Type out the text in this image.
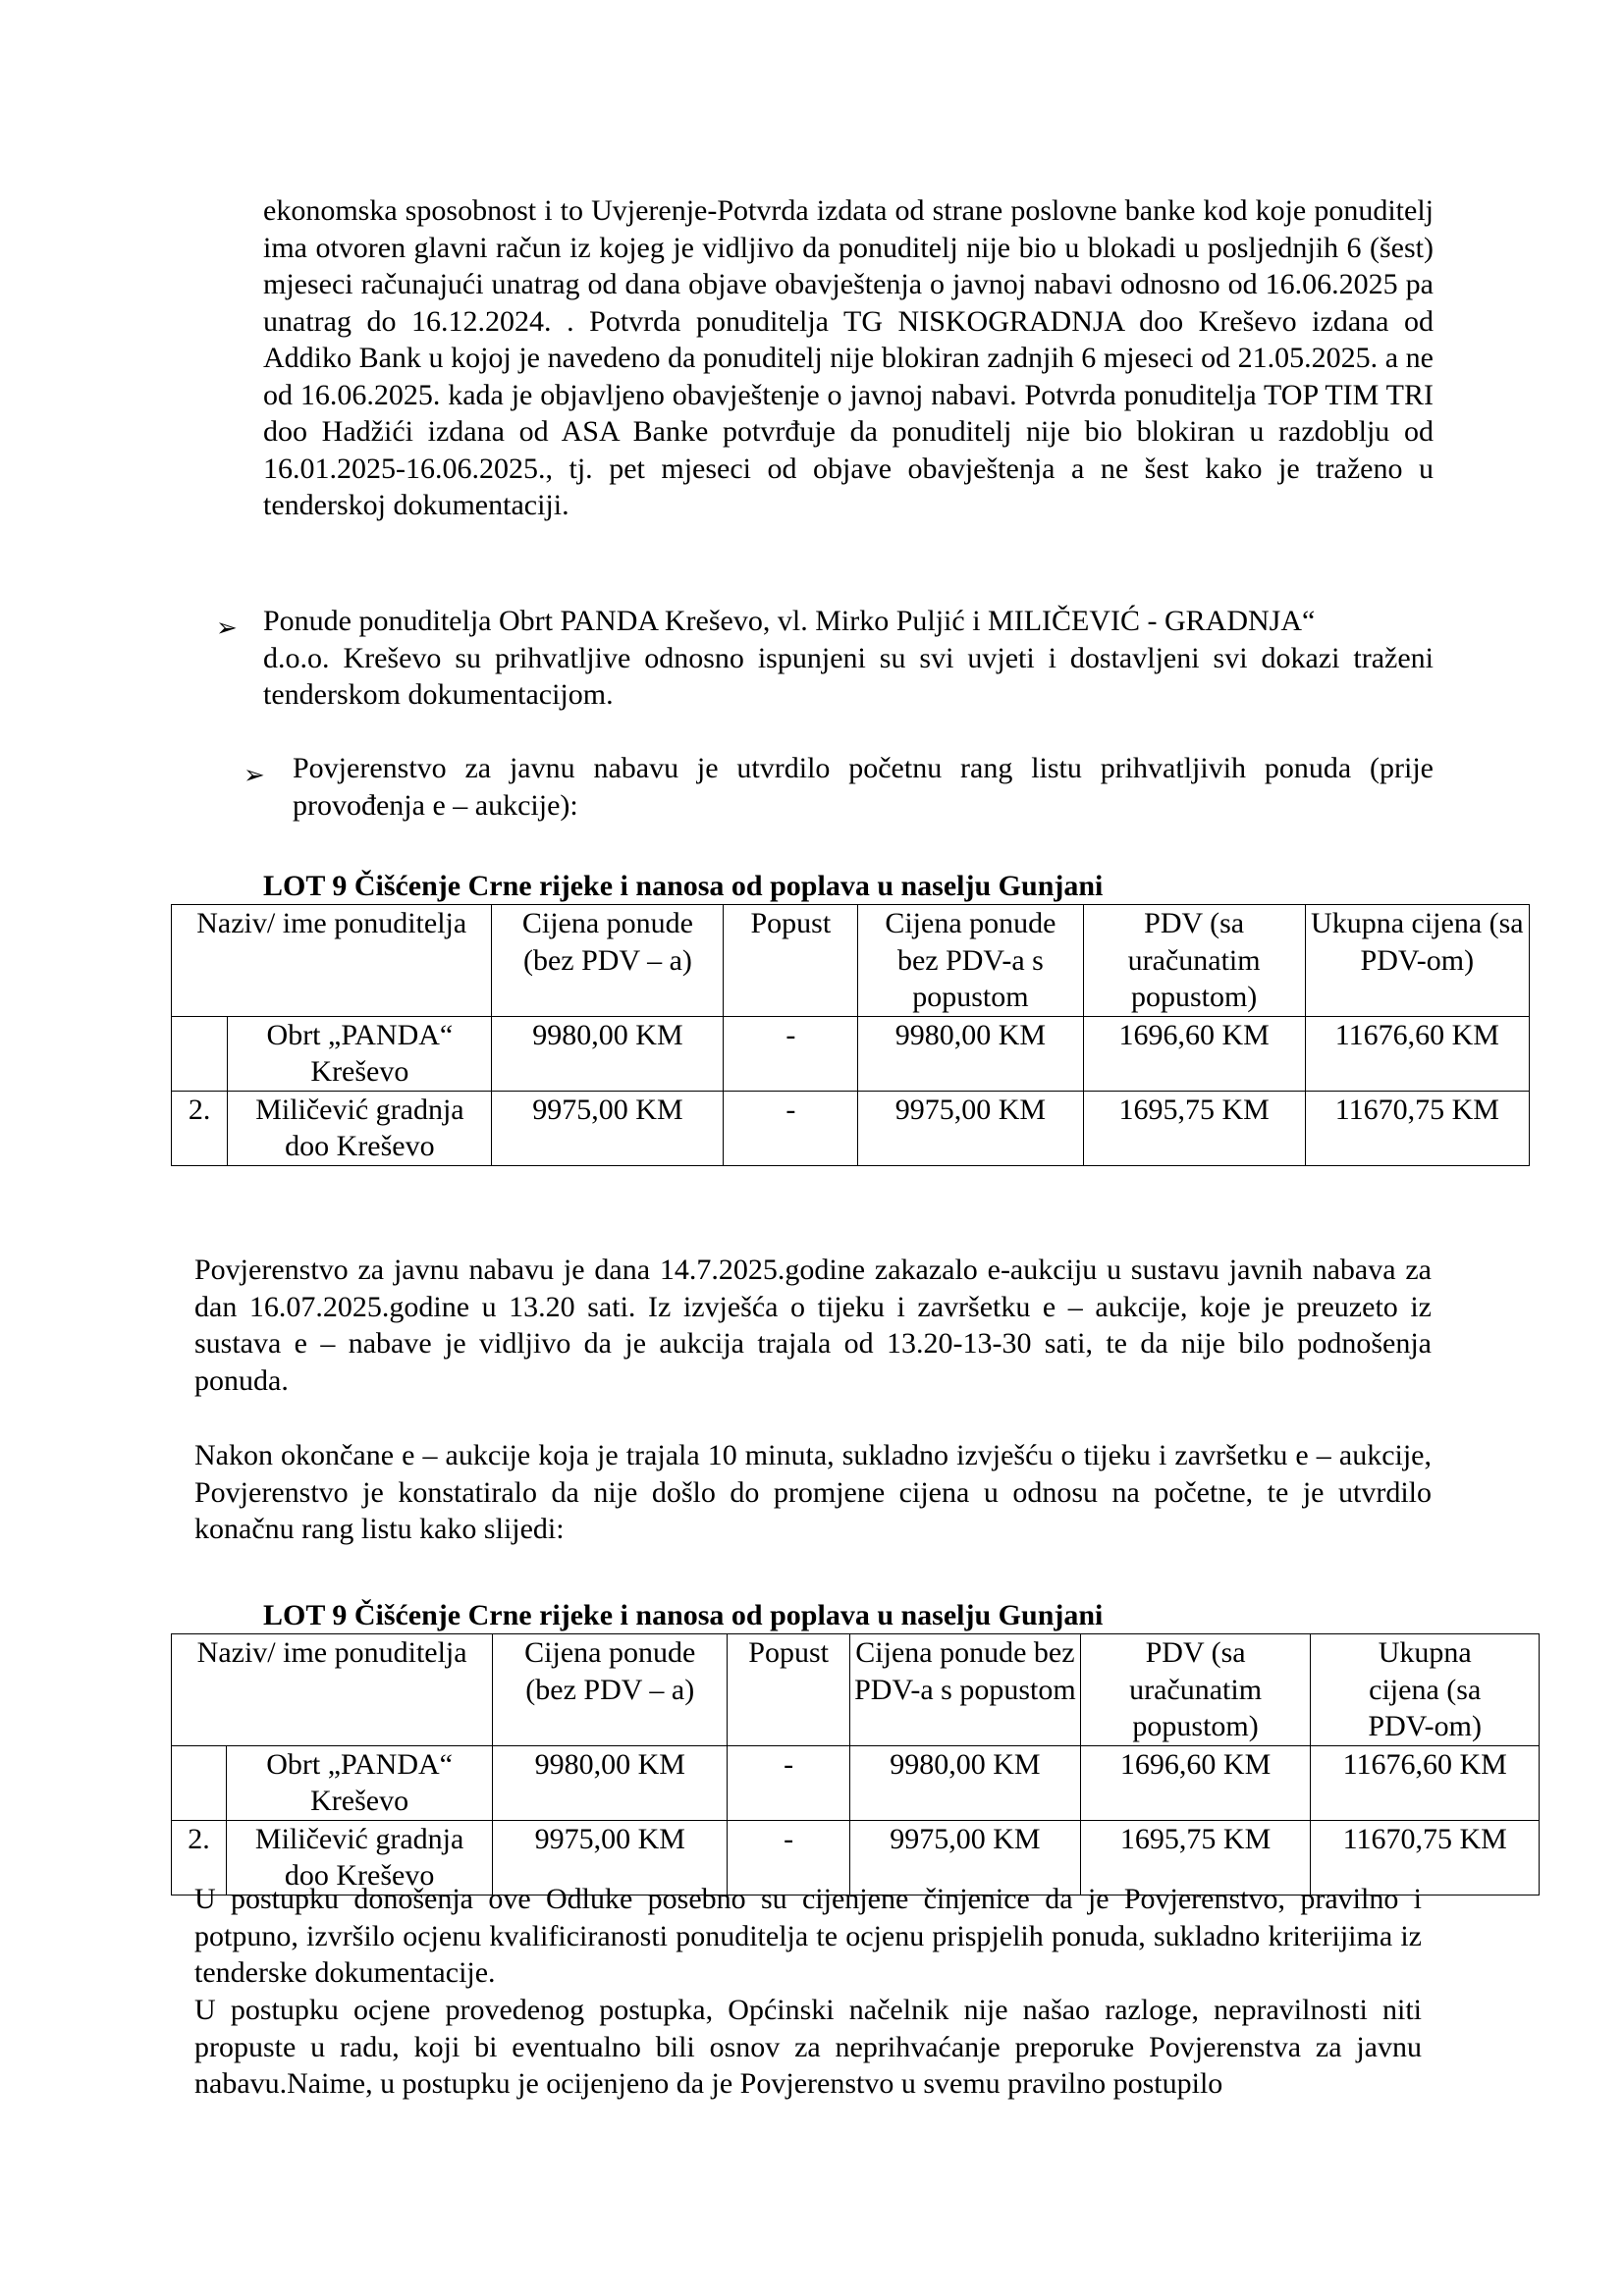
ekonomska sposobnost i to Uvjerenje-Potvrda izdata od strane poslovne banke kod koje ponuditelj ima otvoren glavni račun iz kojeg je vidljivo da ponuditelj nije bio u blokadi u posljednjih 6 (šest) mjeseci računajući unatrag od dana objave obavještenja o javnoj nabavi odnosno od 16.06.2025 pa unatrag do 16.12.2024. . Potvrda ponuditelja TG NISKOGRADNJA doo Kreševo izdana od Addiko Bank u kojoj je navedeno da ponuditelj nije blokiran zadnjih 6 mjeseci od 21.05.2025. a ne od 16.06.2025. kada je objavljeno obavještenje o javnoj nabavi. Potvrda ponuditelja TOP TIM TRI doo Hadžići izdana od ASA Banke potvrđuje da ponuditelj nije bio blokiran u razdoblju od 16.01.2025-16.06.2025., tj. pet mjeseci od objave obavještenja a ne šest kako je traženo u tenderskoj dokumentaciji.

➢ Ponude ponuditelja Obrt PANDA Kreševo, vl. Mirko Puljić i MILIČEVIĆ - GRADNJA“
d.o.o. Kreševo su prihvatljive odnosno ispunjeni su svi uvjeti i dostavljeni svi dokazi traženi tenderskom dokumentacijom.

➢ Povjerenstvo za javnu nabavu je utvrdilo početnu rang listu prihvatljivih ponuda (prije provođenja e – aukcije):

LOT 9 Čišćenje Crne rijeke i nanosa od poplava u naselju Gunjani
Naziv/ ime ponuditelja		Cijena ponude (bez PDV – a)	Popust	Cijena ponude bez PDV-a s popustom	PDV (sa uračunatim popustom)	Ukupna cijena (sa PDV-om)
	Obrt „PANDA“ Kreševo	9980,00 KM	-	9980,00 KM	1696,60 KM	11676,60 KM
2.	Miličević gradnja doo Kreševo	9975,00 KM	-	9975,00 KM	1695,75 KM	11670,75 KM

Povjerenstvo za javnu nabavu je dana 14.7.2025.godine zakazalo e-aukciju u sustavu javnih nabava za dan 16.07.2025.godine u 13.20 sati. Iz izvješća o tijeku i završetku e – aukcije, koje je preuzeto iz sustava e – nabave je vidljivo da je aukcija trajala od 13.20-13-30 sati, te da nije bilo podnošenja ponuda.

Nakon okončane e – aukcije koja je trajala 10 minuta, sukladno izvješću o tijeku i završetku e – aukcije, Povjerenstvo je konstatiralo da nije došlo do promjene cijena u odnosu na početne, te je utvrdilo konačnu rang listu kako slijedi:

LOT 9 Čišćenje Crne rijeke i nanosa od poplava u naselju Gunjani
Naziv/ ime ponuditelja		Cijena ponude (bez PDV – a)	Popust	Cijena ponude bez PDV-a s popustom	PDV (sa uračunatim popustom)	Ukupna cijena (sa PDV-om)
	Obrt „PANDA“ Kreševo	9980,00 KM	-	9980,00 KM	1696,60 KM	11676,60 KM
2.	Miličević gradnja doo Kreševo	9975,00 KM	-	9975,00 KM	1695,75 KM	11670,75 KM

U postupku donošenja ove Odluke posebno su cijenjene činjenice da je Povjerenstvo, pravilno i potpuno, izvršilo ocjenu kvalificiranosti ponuditelja te ocjenu prispjelih ponuda, sukladno kriterijima iz tenderske dokumentacije.

U postupku ocjene provedenog postupka, Općinski načelnik nije našao razloge, nepravilnosti niti propuste u radu, koji bi eventualno bili osnov za neprihvaćanje preporuke Povjerenstva za javnu nabavu.Naime, u postupku je ocijenjeno da je Povjerenstvo u svemu pravilno postupilo
